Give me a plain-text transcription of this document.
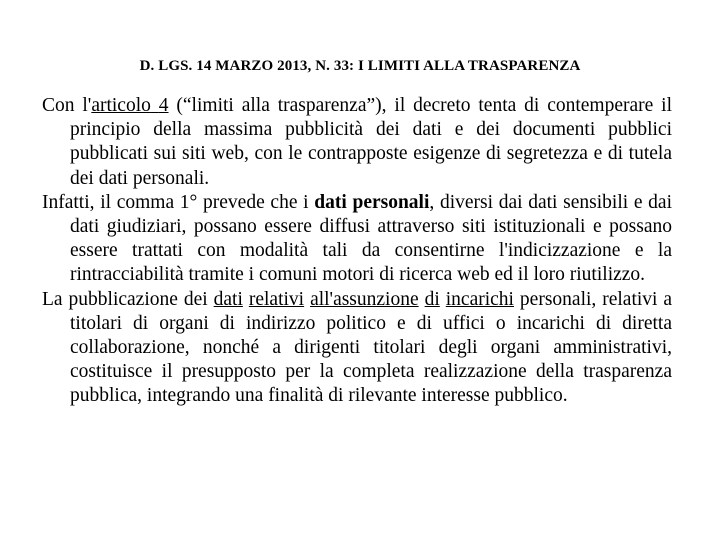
D. LGS. 14 MARZO 2013, N. 33: I LIMITI ALLA TRASPARENZA

Con l'articolo 4 (“limiti alla trasparenza”), il decreto tenta di contemperare il principio della massima pubblicità dei dati e dei documenti pubblici pubblicati sui siti web, con le contrapposte esigenze di segretezza e di tutela dei dati personali.

Infatti, il comma 1° prevede che i dati personali, diversi dai dati sensibili e dai dati giudiziari, possano essere diffusi attraverso siti istituzionali e possano essere trattati con modalità tali da consentirne l'indicizzazione e la rintracciabilità tramite i comuni motori di ricerca web ed il loro riutilizzo.

La pubblicazione dei dati relativi all'assunzione di incarichi personali, relativi a titolari di organi di indirizzo politico e di uffici o incarichi di diretta collaborazione, nonché a dirigenti titolari degli organi amministrativi, costituisce il presupposto per la completa realizzazione della trasparenza pubblica, integrando una finalità di rilevante interesse pubblico.
